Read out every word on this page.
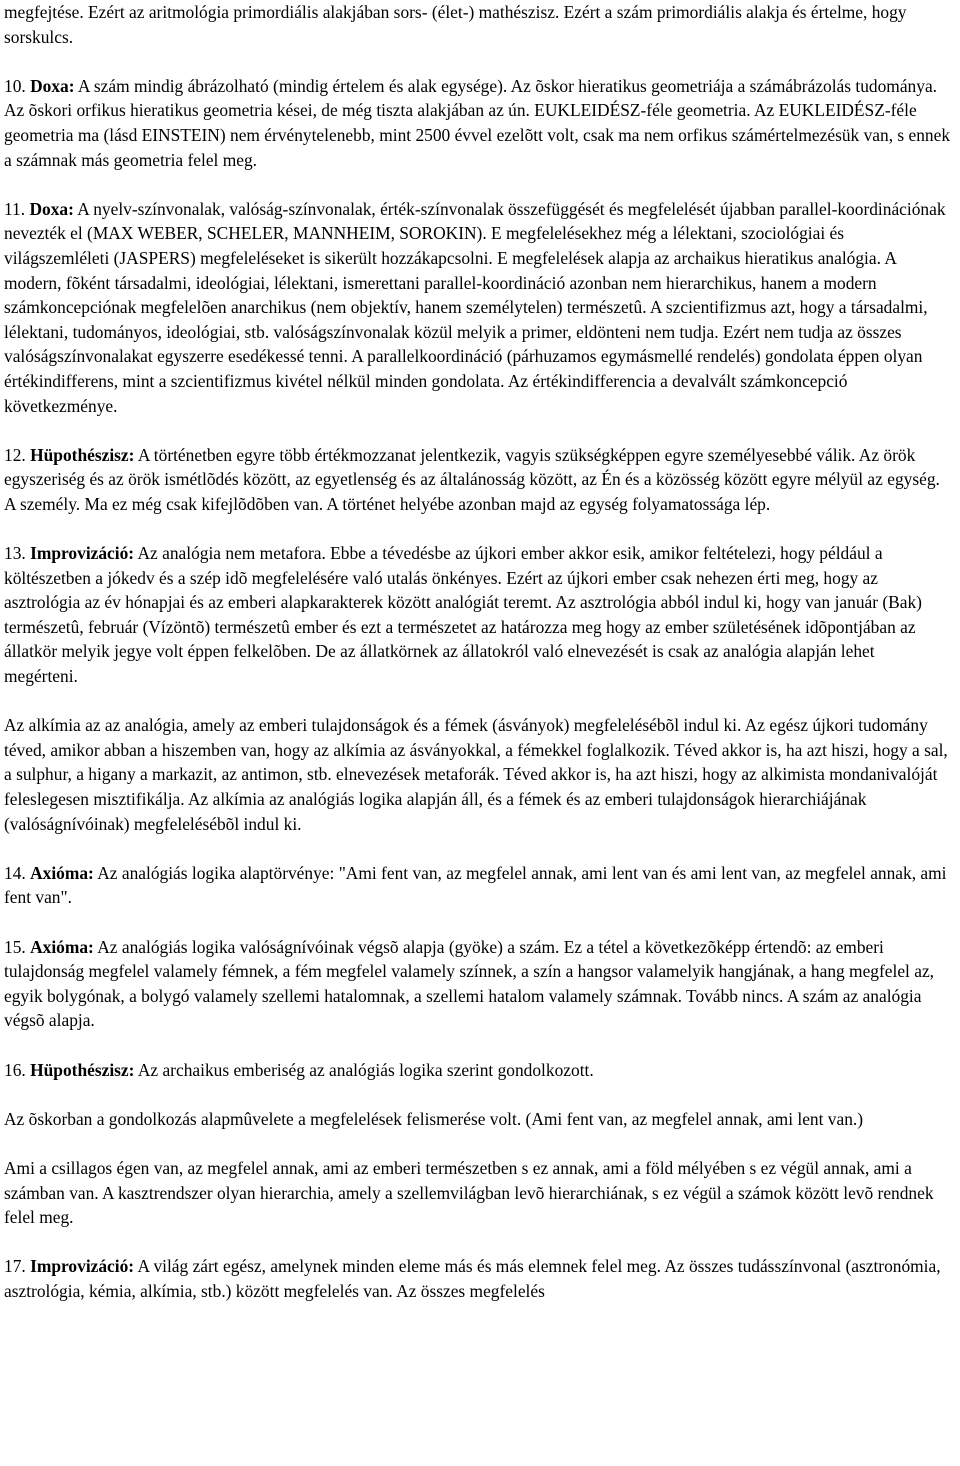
megfejtése. Ezért az aritmológia primordiális alakjában sors- (élet-) mathészisz. Ezért a szám primordiális alakja és értelme, hogy sorskulcs.

10. Doxa: A szám mindig ábrázolható (mindig értelem és alak egysége). Az õskor hieratikus geometriája a számábrázolás tudománya. Az õskori orfikus hieratikus geometria kései, de még tiszta alakjában az ún. EUKLEIDÉSZ-féle geometria. Az EUKLEIDÉSZ-féle geometria ma (lásd EINSTEIN) nem érvénytelenebb, mint 2500 évvel ezelõtt volt, csak ma nem orfikus számértelmezésük van, s ennek a számnak más geometria felel meg.

11. Doxa: A nyelv-színvonalak, valóság-színvonalak, érték-színvonalak összefüggését és megfelelését újabban parallel-koordinációnak nevezték el (MAX WEBER, SCHELER, MANNHEIM, SOROKIN). E megfelelésekhez még a lélektani, szociológiai és világszemléleti (JASPERS) megfeleléseket is sikerült hozzákapcsolni. E megfelelések alapja az archaikus hieratikus analógia. A modern, fõként társadalmi, ideológiai, lélektani, ismerettani parallel-koordináció azonban nem hierarchikus, hanem a modern számkoncepciónak megfelelõen anarchikus (nem objektív, hanem személytelen) természetû. A szcientifizmus azt, hogy a társadalmi, lélektani, tudományos, ideológiai, stb. valóságszínvonalak közül melyik a primer, eldönteni nem tudja. Ezért nem tudja az összes valóságszínvonalakat egyszerre esedékessé tenni. A parallelkoordináció (párhuzamos egymásmellé rendelés) gondolata éppen olyan értékindifferens, mint a szcientifizmus kivétel nélkül minden gondolata. Az értékindifferencia a devalvált számkoncepció következménye.

12. Hüpothészisz: A történetben egyre több értékmozzanat jelentkezik, vagyis szükségképpen egyre személyesebbé válik. Az örök egyszeriség és az örök ismétlõdés között, az egyetlenség és az általánosság között, az Én és a közösség között egyre mélyül az egység. A személy. Ma ez még csak kifejlõdõben van. A történet helyébe azonban majd az egység folyamatossága lép.

13. Improvizáció: Az analógia nem metafora. Ebbe a tévedésbe az újkori ember akkor esik, amikor feltételezi, hogy például a költészetben a jókedv és a szép idõ megfelelésére való utalás önkényes. Ezért az újkori ember csak nehezen érti meg, hogy az asztrológia az év hónapjai és az emberi alapkarakterek között analógiát teremt. Az asztrológia abból indul ki, hogy van január (Bak) természetû, február (Vízöntõ) természetû ember és ezt a természetet az határozza meg hogy az ember születésének idõpontjában az állatkör melyik jegye volt éppen felkelõben. De az állatkörnek az állatokról való elnevezését is csak az analógia alapján lehet megérteni.

Az alkímia az az analógia, amely az emberi tulajdonságok és a fémek (ásványok) megfelelésébõl indul ki. Az egész újkori tudomány téved, amikor abban a hiszemben van, hogy az alkímia az ásványokkal, a fémekkel foglalkozik. Téved akkor is, ha azt hiszi, hogy a sal, a sulphur, a higany a markazit, az antimon, stb. elnevezések metaforák. Téved akkor is, ha azt hiszi, hogy az alkimista mondanivalóját feleslegesen misztifikálja. Az alkímia az analógiás logika alapján áll, és a fémek és az emberi tulajdonságok hierarchiájának (valóságnívóinak) megfelelésébõl indul ki.

14. Axióma: Az analógiás logika alaptörvénye: "Ami fent van, az megfelel annak, ami lent van és ami lent van, az megfelel annak, ami fent van".

15. Axióma: Az analógiás logika valóságnívóinak végsõ alapja (gyöke) a szám. Ez a tétel a következõképp értendõ: az emberi tulajdonság megfelel valamely fémnek, a fém megfelel valamely színnek, a szín a hangsor valamelyik hangjának, a hang megfelel az, egyik bolygónak, a bolygó valamely szellemi hatalomnak, a szellemi hatalom valamely számnak. Tovább nincs. A szám az analógia végsõ alapja.

16. Hüpothészisz: Az archaikus emberiség az analógiás logika szerint gondolkozott.

Az õskorban a gondolkozás alapmûvelete a megfelelések felismerése volt. (Ami fent van, az megfelel annak, ami lent van.)

Ami a csillagos égen van, az megfelel annak, ami az emberi természetben s ez annak, ami a föld mélyében s ez végül annak, ami a számban van. A kasztrendszer olyan hierarchia, amely a szellemvilágban levõ hierarchiának, s ez végül a számok között levõ rendnek felel meg.

17. Improvizáció: A világ zárt egész, amelynek minden eleme más és más elemnek felel meg. Az összes tudásszínvonal (asztronómia, asztrológia, kémia, alkímia, stb.) között megfelelés van. Az összes megfelelés
